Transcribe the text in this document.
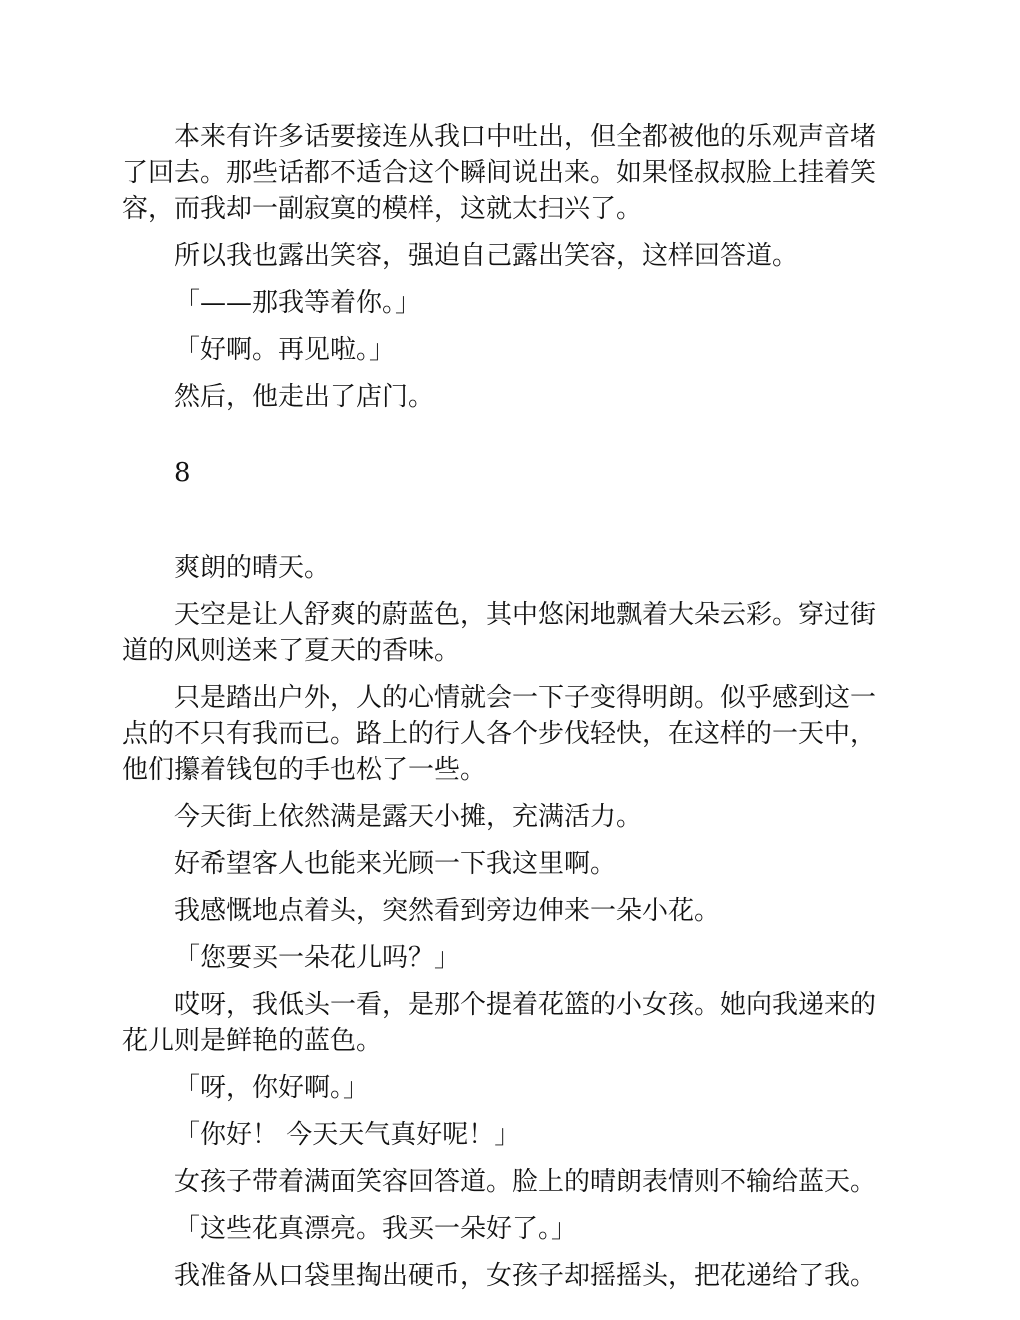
本来有许多话要接连从我口中吐出，但全都被他的乐观声音堵了回去。那些话都不适合这个瞬间说出来。如果怪叔叔脸上挂着笑容，而我却一副寂寞的模样，这就太扫兴了。

所以我也露出笑容，强迫自己露出笑容，这样回答道。

「——那我等着你。」

「好啊。再见啦。」

然后，他走出了店门。

8

爽朗的晴天。

天空是让人舒爽的蔚蓝色，其中悠闲地飘着大朵云彩。穿过街道的风则送来了夏天的香味。

只是踏出户外，人的心情就会一下子变得明朗。似乎感到这一点的不只有我而已。路上的行人各个步伐轻快，在这样的一天中，他们攥着钱包的手也松了一些。

今天街上依然满是露天小摊，充满活力。

好希望客人也能来光顾一下我这里啊。

我感慨地点着头，突然看到旁边伸来一朵小花。

「您要买一朵花儿吗？」

哎呀，我低头一看，是那个提着花篮的小女孩。她向我递来的花儿则是鲜艳的蓝色。

「呀，你好啊。」

「你好！ 今天天气真好呢！」

女孩子带着满面笑容回答道。脸上的晴朗表情则不输给蓝天。

「这些花真漂亮。我买一朵好了。」

我准备从口袋里掏出硬币，女孩子却摇摇头，把花递给了我。
